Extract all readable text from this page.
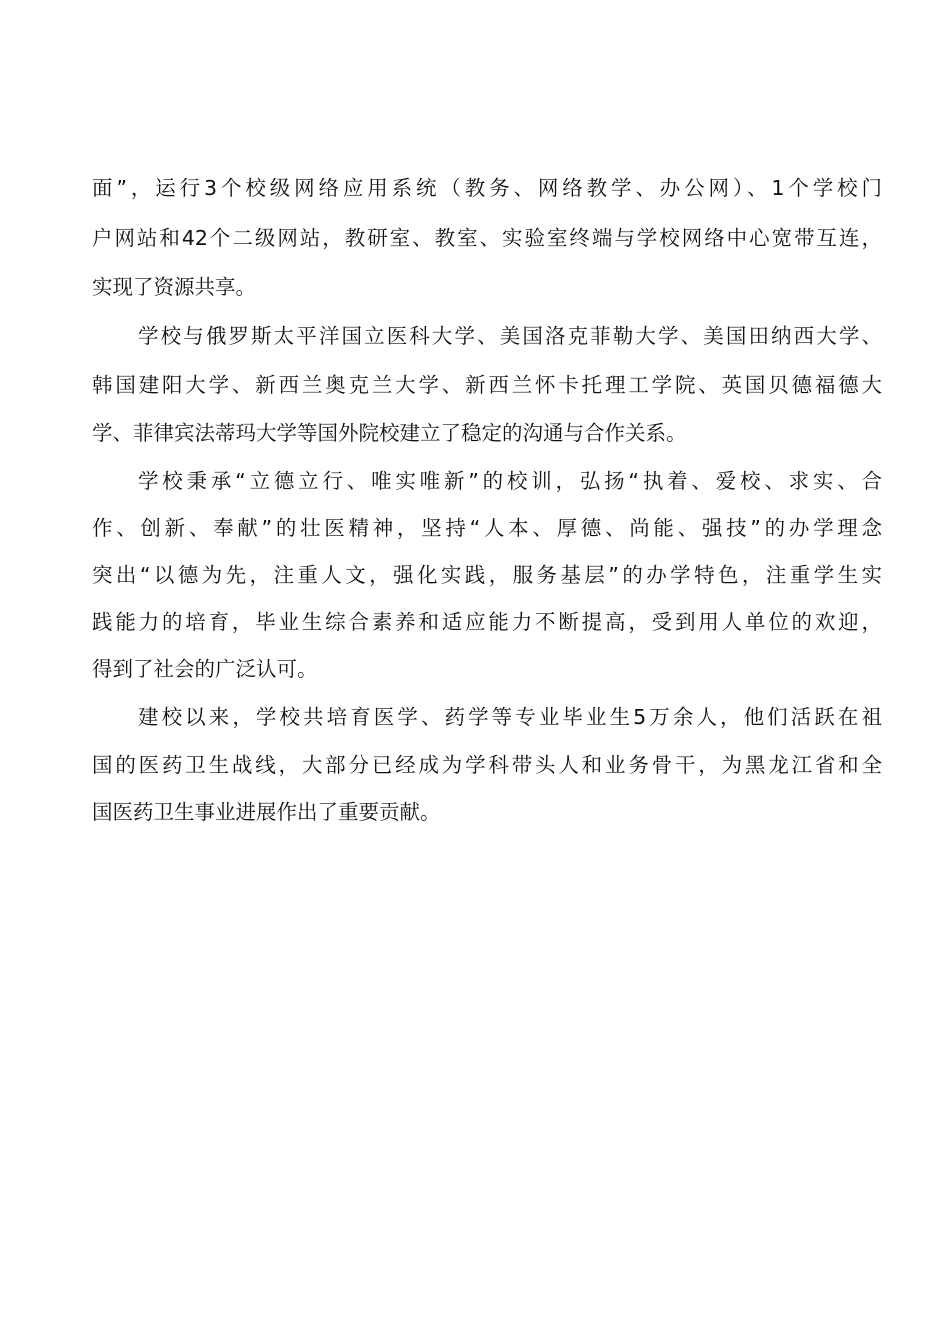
面”，运行3个校级网络应用系统（教务、网络教学、办公网）、1个学校门
户网站和42个二级网站，教研室、教室、实验室终端与学校网络中心宽带互连，
实现了资源共享。
学校与俄罗斯太平洋国立医科大学、美国洛克菲勒大学、美国田纳西大学、
韩国建阳大学、新西兰奥克兰大学、新西兰怀卡托理工学院、英国贝德福德大
学、菲律宾法蒂玛大学等国外院校建立了稳定的沟通与合作关系。
学校秉承“立德立行、唯实唯新”的校训，弘扬“执着、爱校、求实、合
作、创新、奉献”的壮医精神，坚持“人本、厚德、尚能、强技”的办学理念
突出“以德为先，注重人文，强化实践，服务基层”的办学特色，注重学生实
践能力的培育，毕业生综合素养和适应能力不断提高，受到用人单位的欢迎，
得到了社会的广泛认可。
建校以来，学校共培育医学、药学等专业毕业生5万余人，他们活跃在祖
国的医药卫生战线，大部分已经成为学科带头人和业务骨干，为黑龙江省和全
国医药卫生事业进展作出了重要贡献。
